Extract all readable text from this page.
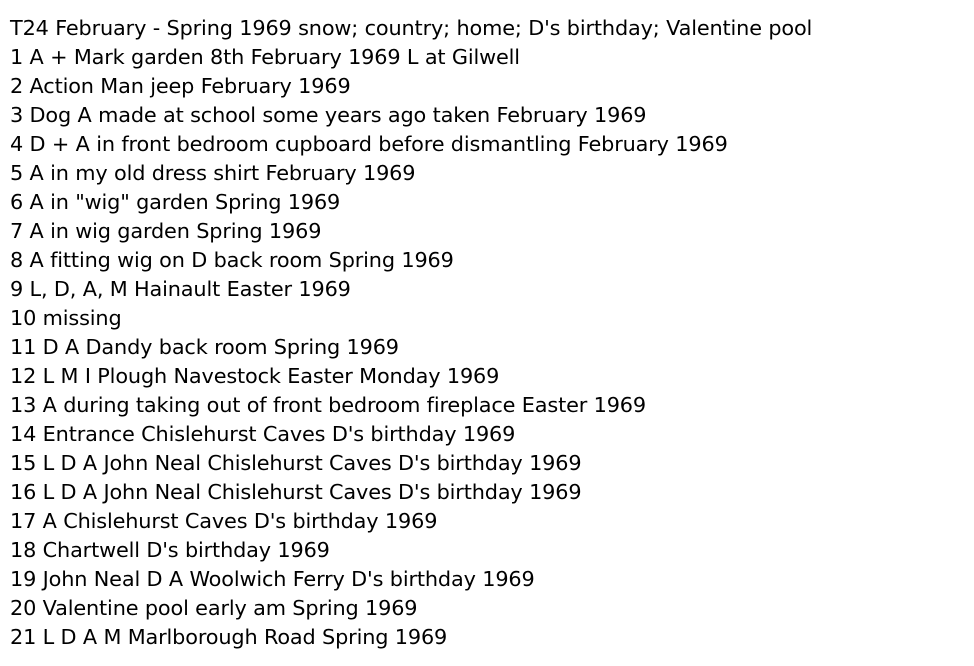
T24 February - Spring 1969 snow; country; home; D's birthday; Valentine pool
1 A + Mark garden 8th February 1969 L at Gilwell
2 Action Man jeep February 1969
3 Dog A made at school some years ago taken February 1969
4 D + A in front bedroom cupboard before dismantling February 1969
5 A in my old dress shirt February 1969
6 A in "wig" garden Spring 1969
7 A in wig garden Spring 1969
8 A fitting wig on D back room Spring 1969
9 L, D, A, M Hainault Easter 1969
10 missing
11 D A Dandy back room Spring 1969
12 L M I Plough Navestock Easter Monday 1969
13 A during taking out of front bedroom fireplace Easter 1969
14 Entrance Chislehurst Caves D's birthday 1969
15 L D A John Neal Chislehurst Caves D's birthday 1969
16 L D A John Neal Chislehurst Caves D's birthday 1969
17 A Chislehurst Caves D's birthday 1969
18 Chartwell D's birthday 1969
19 John Neal D A Woolwich Ferry D's birthday 1969
20 Valentine pool early am Spring 1969
21 L D A M Marlborough Road Spring 1969
